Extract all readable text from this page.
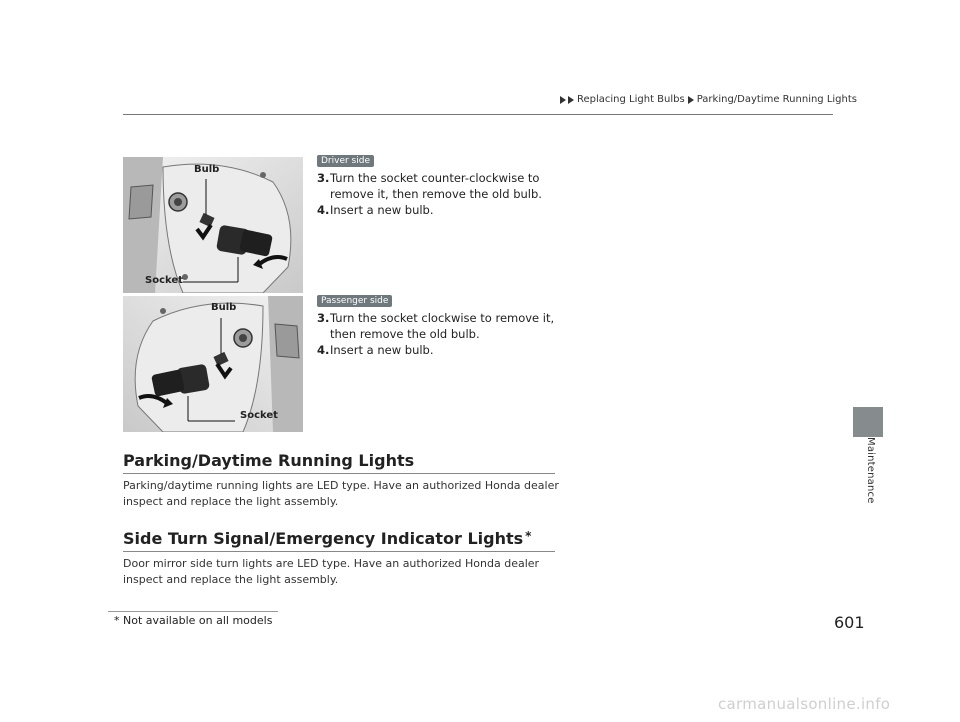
Replacing Light Bulbs Parking/Daytime Running Lights
Maintenance
Bulb
Socket
Driver side
3. Turn the socket counter-clockwise to remove it, then remove the old bulb.
4. Insert a new bulb.
Bulb
Socket
Passenger side
3. Turn the socket clockwise to remove it, then remove the old bulb.
4. Insert a new bulb.
Parking/Daytime Running Lights
Parking/daytime running lights are LED type. Have an authorized Honda dealer inspect and replace the light assembly.
Side Turn Signal/Emergency Indicator Lights *
Door mirror side turn lights are LED type. Have an authorized Honda dealer inspect and replace the light assembly.
* Not available on all models	601
carmanualsonline.info
